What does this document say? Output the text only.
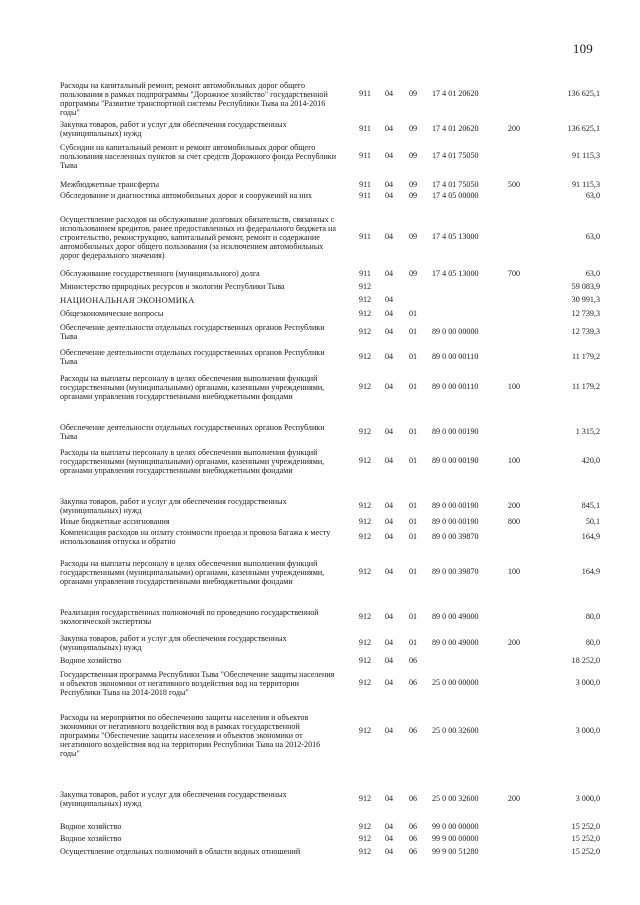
109
Расходы на капитальный ремонт, ремонт автомобильных дорог общего пользования в рамках подпрограммы "Дорожное хозяйство" государственной программы "Развитие транспортной системы Республики Тыва на 2014-2016 годы"
911	04	09	17 4 01 20620	136 625,1
Закупка товаров, работ и услуг для обеспечения государственных (муниципальных) нужд
911	04	09	17 4 01 20620	200	136 625,1
Субсидии на капитальный ремонт и ремонт автомобильных дорог общего пользования населенных пунктов за счет средств Дорожного фонда Республики Тыва
911	04	09	17 4 01 75050	91 115,3
Межбюджетные трансферты	911	04	09	17 4 01 75050	500	91 115,3
Обследование и диагностика автомобильных дорог и сооружений на них	911	04	09	17 4 05 00000	63,0
Осуществление расходов на обслуживание долговых обязательств, связанных с использованием кредитов, ранее предоставленных из федерального бюджета на строительство, реконструкцию, капитальный ремонт, ремонт и содержание автомобильных дорог общего пользования (за исключением автомобильных дорог федерального значения)
911	04	09	17 4 05 13000	63,0
Обслуживание государственного (муниципального) долга	911	04	09	17 4 05 13000	700	63,0
Министерство природных ресурсов и экологии Республики Тыва	912	59 083,9
НАЦИОНАЛЬНАЯ ЭКОНОМИКА	912	04	30 991,3
Общеэкономические вопросы	912	04	01	12 739,3
Обеспечение деятельности отдельных государственных органов Республики Тыва
912	04	01	89 0 00 00000	12 739,3
Обеспечение деятельности отдельных государственных органов Республики Тыва
912	04	01	89 0 00 00110	11 179,2
Расходы на выплаты персоналу в целях обеспечения выполнения функций государственными (муниципальными) органами, казенными учреждениями, органами управления государственными внебюджетными фондами
912	04	01	89 0 00 00110	100	11 179,2
Обеспечение деятельности отдельных государственных органов Республики Тыва
912	04	01	89 0 00 00190	1 315,2
Расходы на выплаты персоналу в целях обеспечения выполнения функций государственными (муниципальными) органами, казенными учреждениями, органами управления государственными внебюджетными фондами
912	04	01	89 0 00 00190	100	420,0
Закупка товаров, работ и услуг для обеспечения государственных (муниципальных) нужд
912	04	01	89 0 00 00190	200	845,1
Иные бюджетные ассигнования	912	04	01	89 0 00 00190	800	50,1
Компенсация расходов на оплату стоимости проезда и провоза багажа к месту использования отпуска и обратно
912	04	01	89 0 00 39870	164,9
Расходы на выплаты персоналу в целях обеспечения выполнения функций государственными (муниципальными) органами, казенными учреждениями, органами управления государственными внебюджетными фондами
912	04	01	89 0 00 39870	100	164,9
Реализация государственных полномочий по проведению государственной экологической экспертизы
912	04	01	89 0 00 49000	80,0
Закупка товаров, работ и услуг для обеспечения государственных (муниципальных) нужд
912	04	01	89 0 00 49000	200	80,0
Водное хозяйство	912	04	06	18 252,0
Государственная программа Республики Тыва "Обеспечение защиты населения и объектов экономики от негативного воздействия вод на территории Республики Тыва на 2014-2018 годы"
912	04	06	25 0 00 00000	3 000,0
Расходы на мероприятия по обеспечению защиты населения и объектов экономики от негативного воздействия вод в рамках государственной программы "Обеспечение защиты населения и объектов экономики от негативного воздействия вод на территории Республики Тыва на 2012-2016 годы"
912	04	06	25 0 00 32600	3 000,0
Закупка товаров, работ и услуг для обеспечения государственных (муниципальных) нужд
912	04	06	25 0 00 32600	200	3 000,0
Водное хозяйство	912	04	06	99 0 00 00000	15 252,0
Водное хозяйство	912	04	06	99 9 00 00000	15 252,0
Осуществление отдельных полномочий в области водных отношений	912	04	06	99 9 00 51280	15 252,0
